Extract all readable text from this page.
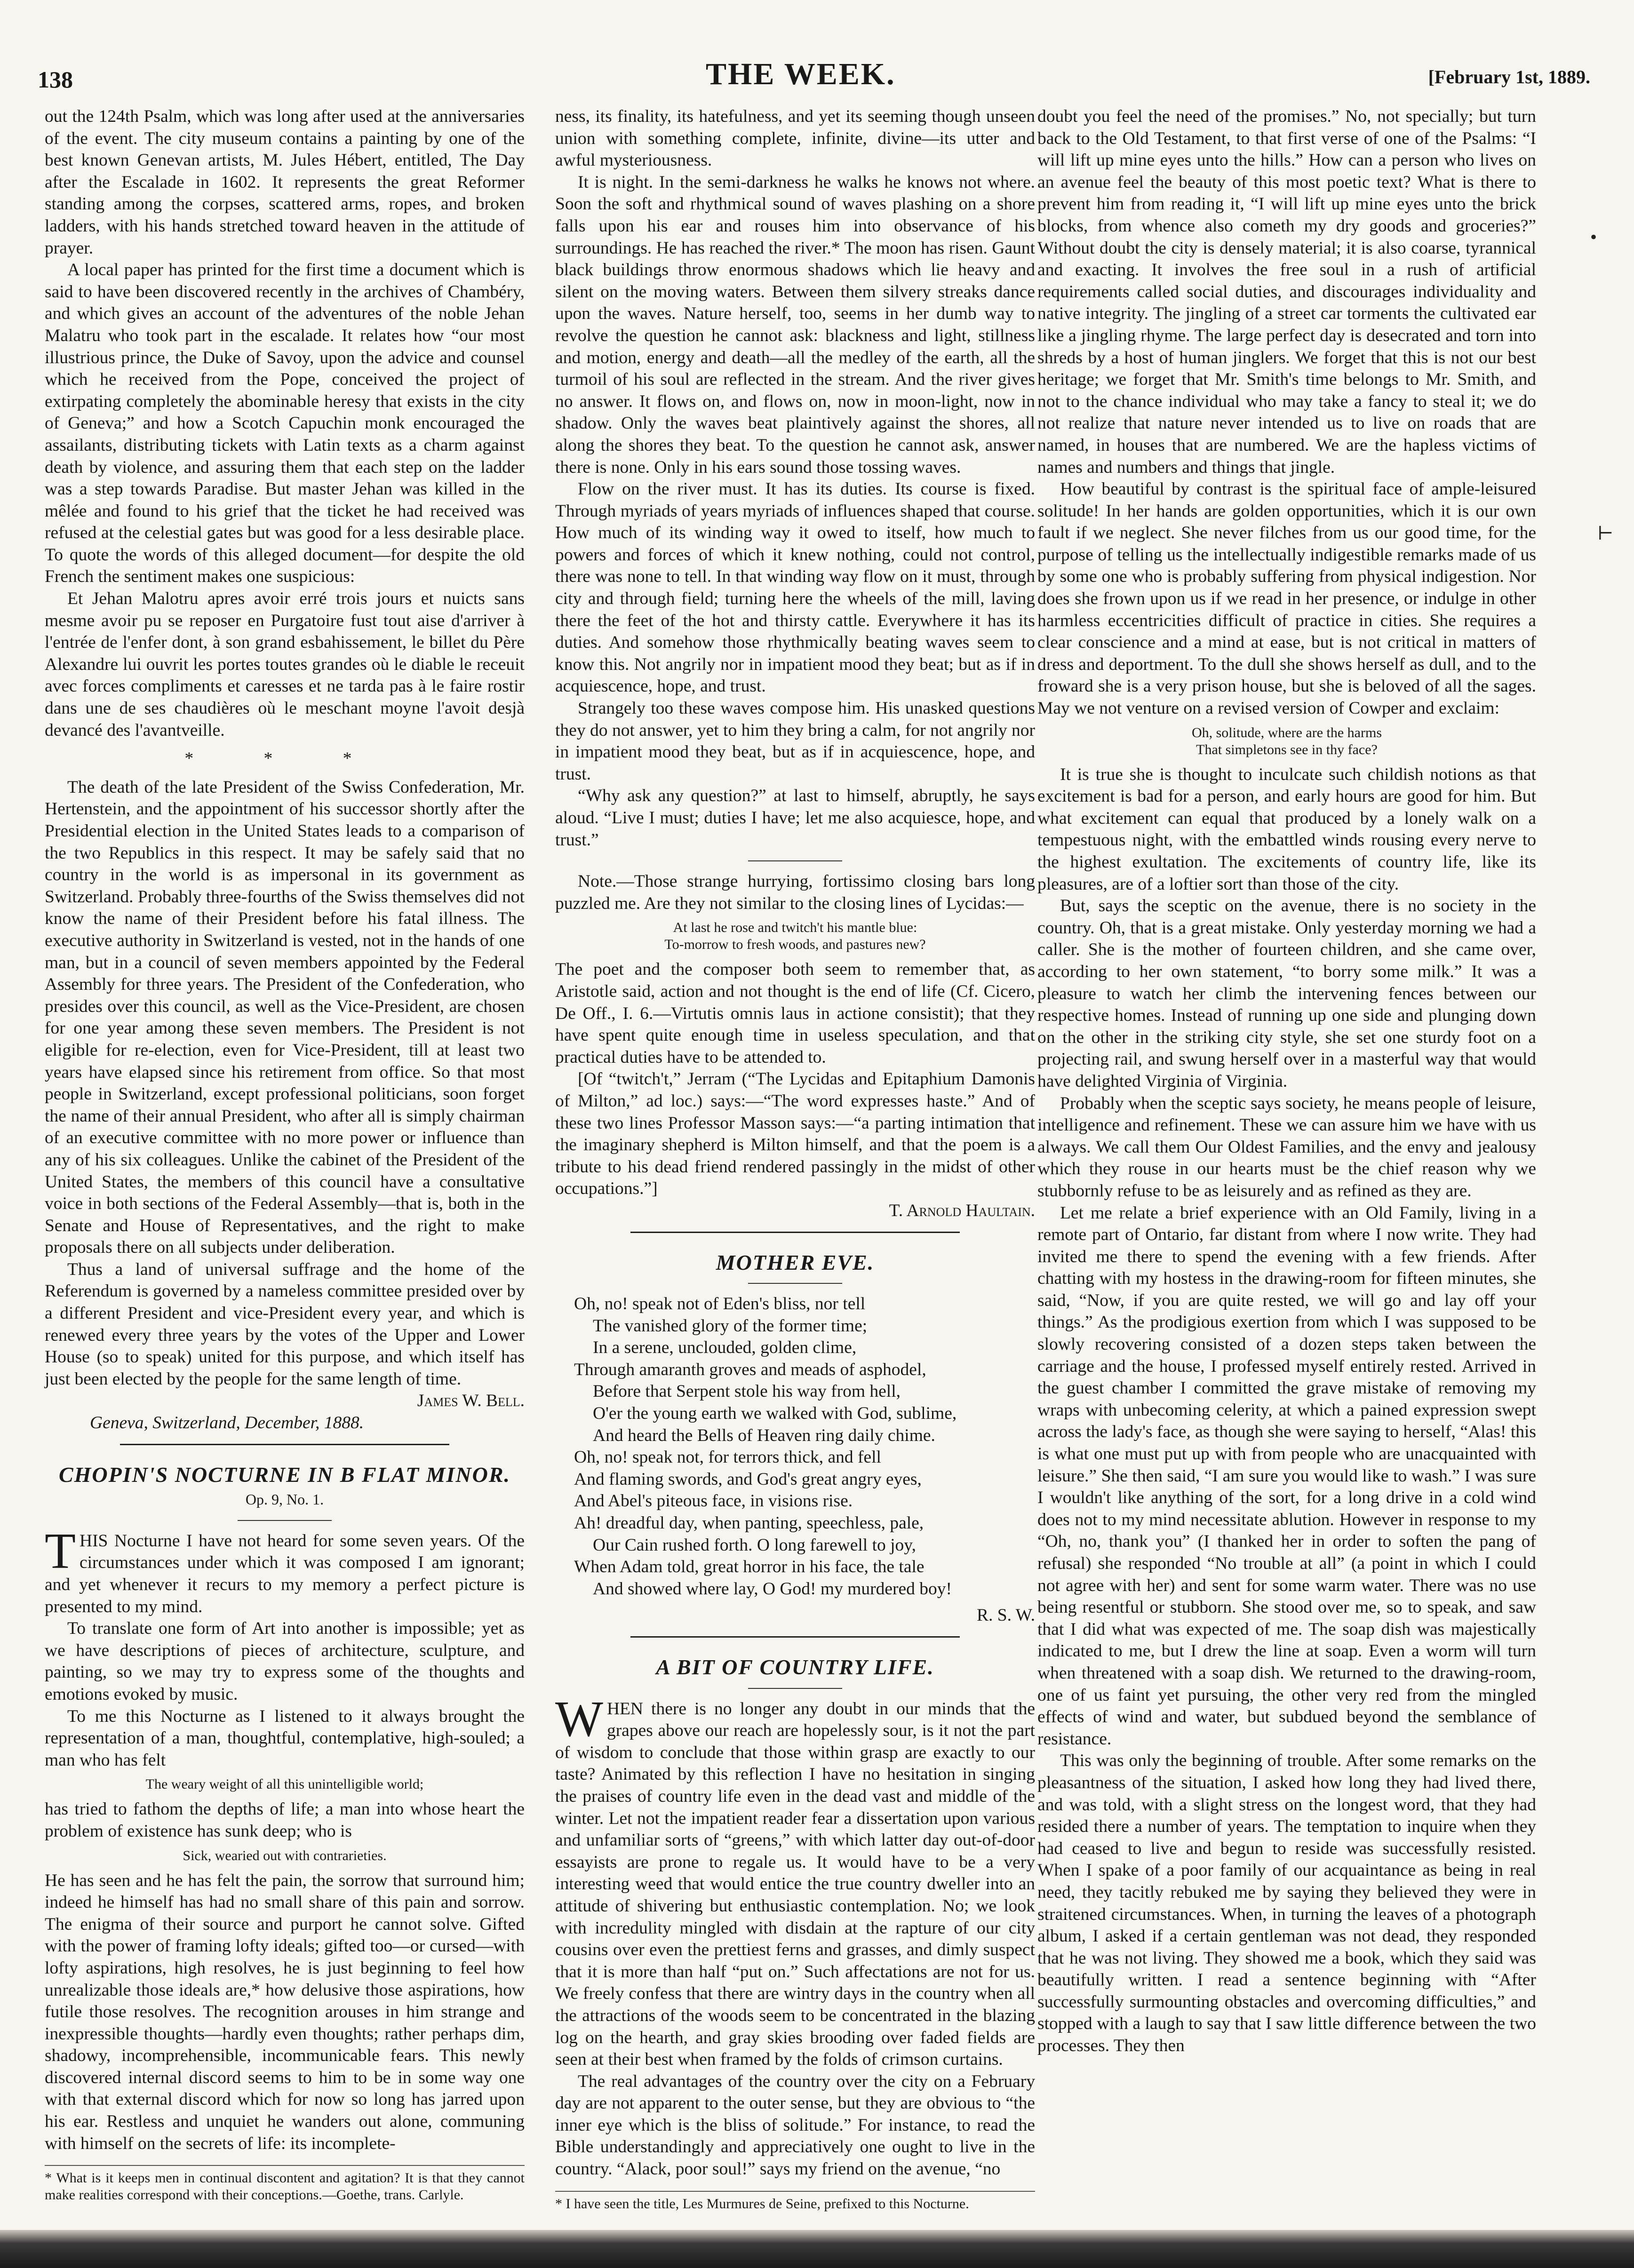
138	THE WEEK.	[February 1st, 1889.

out the 124th Psalm, which was long after used at the anniversaries of the event. The city museum contains a painting by one of the best known Genevan artists, M. Jules Hébert, entitled, The Day after the Escalade in 1602. It represents the great Reformer standing among the corpses, scattered arms, ropes, and broken ladders, with his hands stretched toward heaven in the attitude of prayer.

A local paper has printed for the first time a document which is said to have been discovered recently in the archives of Chambéry, and which gives an account of the adventures of the noble Jehan Malatru who took part in the escalade. It relates how “our most illustrious prince, the Duke of Savoy, upon the advice and counsel which he received from the Pope, conceived the project of extirpating completely the abominable heresy that exists in the city of Geneva;” and how a Scotch Capuchin monk encouraged the assailants, distributing tickets with Latin texts as a charm against death by violence, and assuring them that each step on the ladder was a step towards Paradise. But master Jehan was killed in the mêlée and found to his grief that the ticket he had received was refused at the celestial gates but was good for a less desirable place. To quote the words of this alleged document—for despite the old French the sentiment makes one suspicious:

Et Jehan Malotru apres avoir erré trois jours et nuicts sans mesme avoir pu se reposer en Purgatoire fust tout aise d'arriver à l'entrée de l'enfer dont, à son grand esbahissement, le billet du Père Alexandre lui ouvrit les portes toutes grandes où le diable le receuit avec forces compliments et caresses et ne tarda pas à le faire rostir dans une de ses chaudières où le meschant moyne l'avoit desjà devancé des l'avantveille.

* * *

The death of the late President of the Swiss Confederation, Mr. Hertenstein, and the appointment of his successor shortly after the Presidential election in the United States leads to a comparison of the two Republics in this respect. It may be safely said that no country in the world is as impersonal in its government as Switzerland. Probably three-fourths of the Swiss themselves did not know the name of their President before his fatal illness. The executive authority in Switzerland is vested, not in the hands of one man, but in a council of seven members appointed by the Federal Assembly for three years. The President of the Confederation, who presides over this council, as well as the Vice-President, are chosen for one year among these seven members. The President is not eligible for re-election, even for Vice-President, till at least two years have elapsed since his retirement from office. So that most people in Switzerland, except professional politicians, soon forget the name of their annual President, who after all is simply chairman of an executive committee with no more power or influence than any of his six colleagues. Unlike the cabinet of the President of the United States, the members of this council have a consultative voice in both sections of the Federal Assembly—that is, both in the Senate and House of Representatives, and the right to make proposals there on all subjects under deliberation.

Thus a land of universal suffrage and the home of the Referendum is governed by a nameless committee presided over by a different President and vice-President every year, and which is renewed every three years by the votes of the Upper and Lower House (so to speak) united for this purpose, and which itself has just been elected by the people for the same length of time.

James W. Bell.

Geneva, Switzerland, December, 1888.

CHOPIN'S NOCTURNE IN B FLAT MINOR.
Op. 9, No. 1.
T HIS Nocturne I have not heard for some seven years. Of the circumstances under which it was composed I am ignorant; and yet whenever it recurs to my memory a perfect picture is presented to my mind.

To translate one form of Art into another is impossible; yet as we have descriptions of pieces of architecture, sculpture, and painting, so we may try to express some of the thoughts and emotions evoked by music.

To me this Nocturne as I listened to it always brought the representation of a man, thoughtful, contemplative, high-souled; a man who has felt

The weary weight of all this unintelligible world;

has tried to fathom the depths of life; a man into whose heart the problem of existence has sunk deep; who is

Sick, wearied out with contrarieties.

He has seen and he has felt the pain, the sorrow that surround him; indeed he himself has had no small share of this pain and sorrow. The enigma of their source and purport he cannot solve. Gifted with the power of framing lofty ideals; gifted too—or cursed—with lofty aspirations, high resolves, he is just beginning to feel how unrealizable those ideals are,* how delusive those aspirations, how futile those resolves. The recognition arouses in him strange and inexpressible thoughts—hardly even thoughts; rather perhaps dim, shadowy, incomprehensible, incommunicable fears. This newly discovered internal discord seems to him to be in some way one with that external discord which for now so long has jarred upon his ear. Restless and unquiet he wanders out alone, communing with himself on the secrets of life: its incomplete-

* What is it keeps men in continual discontent and agitation? It is that they cannot make realities correspond with their conceptions.—Goethe, trans. Carlyle.

ness, its finality, its hatefulness, and yet its seeming though unseen union with something complete, infinite, divine—its utter and awful mysteriousness.

It is night. In the semi-darkness he walks he knows not where. Soon the soft and rhythmical sound of waves plashing on a shore falls upon his ear and rouses him into observance of his surroundings. He has reached the river.* The moon has risen. Gaunt black buildings throw enormous shadows which lie heavy and silent on the moving waters. Between them silvery streaks dance upon the waves. Nature herself, too, seems in her dumb way to revolve the question he cannot ask: blackness and light, stillness and motion, energy and death—all the medley of the earth, all the turmoil of his soul are reflected in the stream. And the river gives no answer. It flows on, and flows on, now in moon-light, now in shadow. Only the waves beat plaintively against the shores, all along the shores they beat. To the question he cannot ask, answer there is none. Only in his ears sound those tossing waves.

Flow on the river must. It has its duties. Its course is fixed. Through myriads of years myriads of influences shaped that course. How much of its winding way it owed to itself, how much to powers and forces of which it knew nothing, could not control, there was none to tell. In that winding way flow on it must, through city and through field; turning here the wheels of the mill, laving there the feet of the hot and thirsty cattle. Everywhere it has its duties. And somehow those rhythmically beating waves seem to know this. Not angrily nor in impatient mood they beat; but as if in acquiescence, hope, and trust.

Strangely too these waves compose him. His unasked questions they do not answer, yet to him they bring a calm, for not angrily nor in impatient mood they beat, but as if in acquiescence, hope, and trust.

“Why ask any question?” at last to himself, abruptly, he says aloud. “Live I must; duties I have; let me also acquiesce, hope, and trust.”

Note.—Those strange hurrying, fortissimo closing bars long puzzled me. Are they not similar to the closing lines of Lycidas:—

At last he rose and twitch't his mantle blue:
To-morrow to fresh woods, and pastures new?

The poet and the composer both seem to remember that, as Aristotle said, action and not thought is the end of life (Cf. Cicero, De Off., I. 6.—Virtutis omnis laus in actione consistit); that they have spent quite enough time in useless speculation, and that practical duties have to be attended to.

[Of “twitch't,” Jerram (“The Lycidas and Epitaphium Damonis of Milton,” ad loc.) says:—“The word expresses haste.” And of these two lines Professor Masson says:—“a parting intimation that the imaginary shepherd is Milton himself, and that the poem is a tribute to his dead friend rendered passingly in the midst of other occupations.”]

T. Arnold Haultain.

MOTHER EVE.
Oh, no! speak not of Eden's bliss, nor tell
The vanished glory of the former time;
In a serene, unclouded, golden clime,
Through amaranth groves and meads of asphodel,
Before that Serpent stole his way from hell,
O'er the young earth we walked with God, sublime,
And heard the Bells of Heaven ring daily chime.
Oh, no! speak not, for terrors thick, and fell
And flaming swords, and God's great angry eyes,
And Abel's piteous face, in visions rise.
Ah! dreadful day, when panting, speechless, pale,
Our Cain rushed forth. O long farewell to joy,
When Adam told, great horror in his face, the tale
And showed where lay, O God! my murdered boy!

R. S. W.

A BIT OF COUNTRY LIFE.
W HEN there is no longer any doubt in our minds that the grapes above our reach are hopelessly sour, is it not the part of wisdom to conclude that those within grasp are exactly to our taste? Animated by this reflection I have no hesitation in singing the praises of country life even in the dead vast and middle of the winter. Let not the impatient reader fear a dissertation upon various and unfamiliar sorts of “greens,” with which latter day out-of-door essayists are prone to regale us. It would have to be a very interesting weed that would entice the true country dweller into an attitude of shivering but enthusiastic contemplation. No; we look with incredulity mingled with disdain at the rapture of our city cousins over even the prettiest ferns and grasses, and dimly suspect that it is more than half “put on.” Such affectations are not for us. We freely confess that there are wintry days in the country when all the attractions of the woods seem to be concentrated in the blazing log on the hearth, and gray skies brooding over faded fields are seen at their best when framed by the folds of crimson curtains.

The real advantages of the country over the city on a February day are not apparent to the outer sense, but they are obvious to “the inner eye which is the bliss of solitude.” For instance, to read the Bible understandingly and appreciatively one ought to live in the country. “Alack, poor soul!” says my friend on the avenue, “no

* I have seen the title, Les Murmures de Seine, prefixed to this Nocturne.

doubt you feel the need of the promises.” No, not specially; but turn back to the Old Testament, to that first verse of one of the Psalms: “I will lift up mine eyes unto the hills.” How can a person who lives on an avenue feel the beauty of this most poetic text? What is there to prevent him from reading it, “I will lift up mine eyes unto the brick blocks, from whence also cometh my dry goods and groceries?” Without doubt the city is densely material; it is also coarse, tyrannical and exacting. It involves the free soul in a rush of artificial requirements called social duties, and discourages individuality and native integrity. The jingling of a street car torments the cultivated ear like a jingling rhyme. The large perfect day is desecrated and torn into shreds by a host of human jinglers. We forget that this is not our best heritage; we forget that Mr. Smith's time belongs to Mr. Smith, and not to the chance individual who may take a fancy to steal it; we do not realize that nature never intended us to live on roads that are named, in houses that are numbered. We are the hapless victims of names and numbers and things that jingle.

How beautiful by contrast is the spiritual face of ample-leisured solitude! In her hands are golden opportunities, which it is our own fault if we neglect. She never filches from us our good time, for the purpose of telling us the intellectually indigestible remarks made of us by some one who is probably suffering from physical indigestion. Nor does she frown upon us if we read in her presence, or indulge in other harmless eccentricities difficult of practice in cities. She requires a clear conscience and a mind at ease, but is not critical in matters of dress and deportment. To the dull she shows herself as dull, and to the froward she is a very prison house, but she is beloved of all the sages. May we not venture on a revised version of Cowper and exclaim:

Oh, solitude, where are the harms
That simpletons see in thy face?

It is true she is thought to inculcate such childish notions as that excitement is bad for a person, and early hours are good for him. But what excitement can equal that produced by a lonely walk on a tempestuous night, with the embattled winds rousing every nerve to the highest exultation. The excitements of country life, like its pleasures, are of a loftier sort than those of the city.

But, says the sceptic on the avenue, there is no society in the country. Oh, that is a great mistake. Only yesterday morning we had a caller. She is the mother of fourteen children, and she came over, according to her own statement, “to borry some milk.” It was a pleasure to watch her climb the intervening fences between our respective homes. Instead of running up one side and plunging down on the other in the striking city style, she set one sturdy foot on a projecting rail, and swung herself over in a masterful way that would have delighted Virginia of Virginia.

Probably when the sceptic says society, he means people of leisure, intelligence and refinement. These we can assure him we have with us always. We call them Our Oldest Families, and the envy and jealousy which they rouse in our hearts must be the chief reason why we stubbornly refuse to be as leisurely and as refined as they are.

Let me relate a brief experience with an Old Family, living in a remote part of Ontario, far distant from where I now write. They had invited me there to spend the evening with a few friends. After chatting with my hostess in the drawing-room for fifteen minutes, she said, “Now, if you are quite rested, we will go and lay off your things.” As the prodigious exertion from which I was supposed to be slowly recovering consisted of a dozen steps taken between the carriage and the house, I professed myself entirely rested. Arrived in the guest chamber I committed the grave mistake of removing my wraps with unbecoming celerity, at which a pained expression swept across the lady's face, as though she were saying to herself, “Alas! this is what one must put up with from people who are unacquainted with leisure.” She then said, “I am sure you would like to wash.” I was sure I wouldn't like anything of the sort, for a long drive in a cold wind does not to my mind necessitate ablution. However in response to my “Oh, no, thank you” (I thanked her in order to soften the pang of refusal) she responded “No trouble at all” (a point in which I could not agree with her) and sent for some warm water. There was no use being resentful or stubborn. She stood over me, so to speak, and saw that I did what was expected of me. The soap dish was majestically indicated to me, but I drew the line at soap. Even a worm will turn when threatened with a soap dish. We returned to the drawing-room, one of us faint yet pursuing, the other very red from the mingled effects of wind and water, but subdued beyond the semblance of resistance.

This was only the beginning of trouble. After some remarks on the pleasantness of the situation, I asked how long they had lived there, and was told, with a slight stress on the longest word, that they had resided there a number of years. The temptation to inquire when they had ceased to live and begun to reside was successfully resisted. When I spake of a poor family of our acquaintance as being in real need, they tacitly rebuked me by saying they believed they were in straitened circumstances. When, in turning the leaves of a photograph album, I asked if a certain gentleman was not dead, they responded that he was not living. They showed me a book, which they said was beautifully written. I read a sentence beginning with “After successfully surmounting obstacles and overcoming difficulties,” and stopped with a laugh to say that I saw little difference between the two processes. They then

•
⊢
